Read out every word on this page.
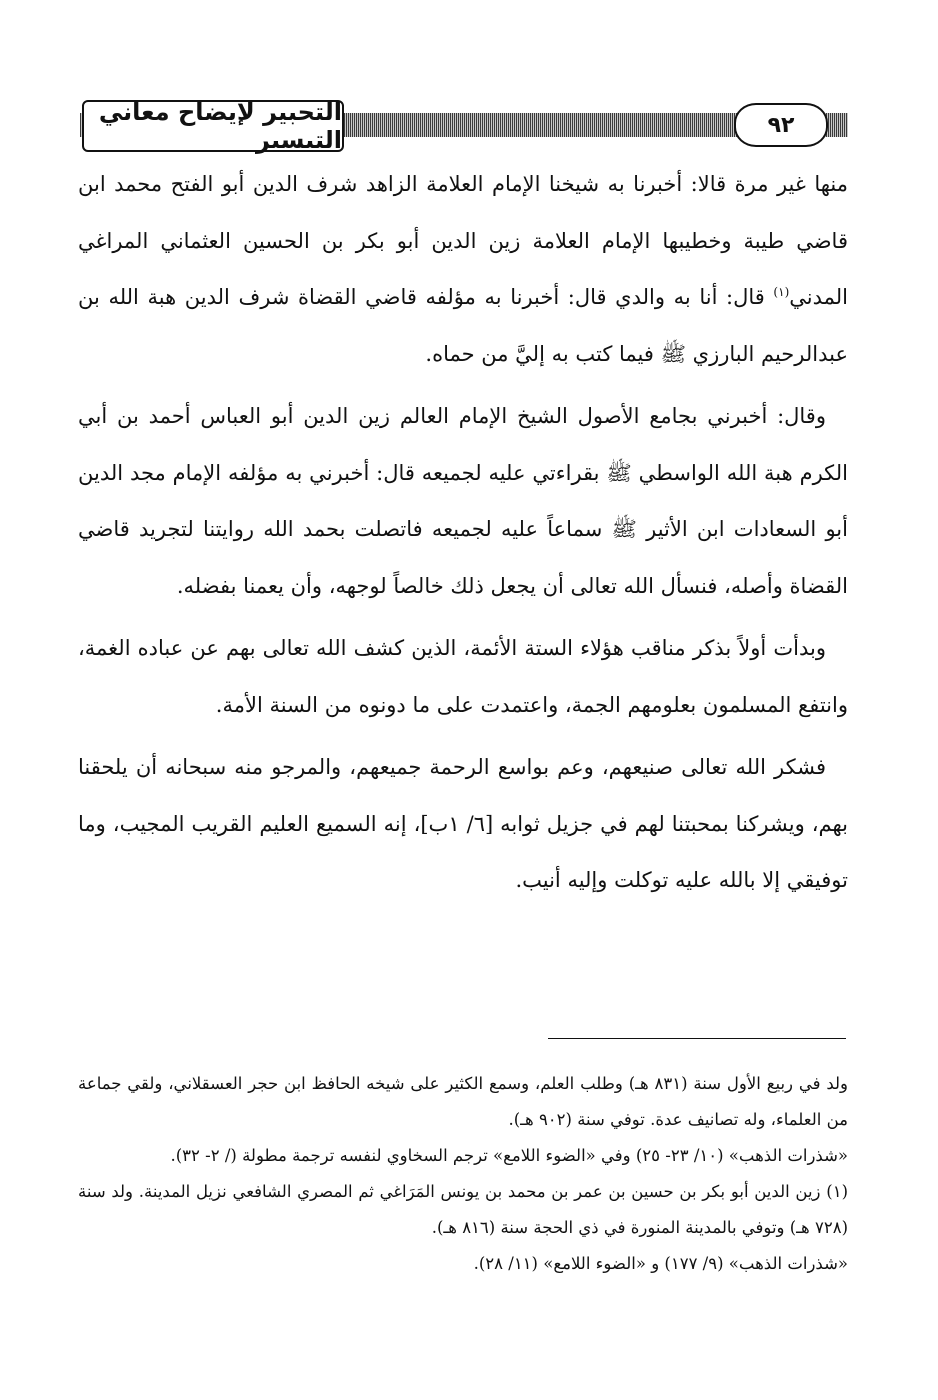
التحبير لإيضاح معاني التيسير
٩٢

منها غير مرة قالا: أخبرنا به شيخنا الإمام العلامة الزاهد شرف الدين أبو الفتح محمد ابن قاضي طيبة وخطيبها الإمام العلامة زين الدين أبو بكر بن الحسين العثماني المراغي المدني$^{(١)}$ قال: أنا به والدي قال: أخبرنا به مؤلفه قاضي القضاة شرف الدين هبة الله بن عبدالرحيم البارزي ﷺ فيما كتب به إليَّ من حماه.

وقال: أخبرني بجامع الأصول الشيخ الإمام العالم زين الدين أبو العباس أحمد بن أبي الكرم هبة الله الواسطي ﷺ بقراءتي عليه لجميعه قال: أخبرني به مؤلفه الإمام مجد الدين أبو السعادات ابن الأثير ﷺ سماعاً عليه لجميعه فاتصلت بحمد الله روايتنا لتجريد قاضي القضاة وأصله، فنسأل الله تعالى أن يجعل ذلك خالصاً لوجهه، وأن يعمنا بفضله.

وبدأت أولاً بذكر مناقب هؤلاء الستة الأئمة، الذين كشف الله تعالى بهم عن عباده الغمة، وانتفع المسلمون بعلومهم الجمة، واعتمدت على ما دونوه من السنة الأمة.

فشكر الله تعالى صنيعهم، وعم بواسع الرحمة جميعهم، والمرجو منه سبحانه أن يلحقنا بهم، ويشركنا بمحبتنا لهم في جزيل ثوابه [٦/ ١ب]، إنه السميع العليم القريب المجيب، وما توفيقي إلا بالله عليه توكلت وإليه أنيب.

ولد في ربيع الأول سنة (٨٣١ هـ) وطلب العلم، وسمع الكثير على شيخه الحافظ ابن حجر العسقلاني، ولقي جماعة من العلماء، وله تصانيف عدة. توفي سنة (٩٠٢ هـ).

«شذرات الذهب» (١٠/ ٢٣- ٢٥) وفي «الضوء اللامع» ترجم السخاوي لنفسه ترجمة مطولة (/ ٢- ٣٢).

(١) زين الدين أبو بكر بن حسين بن عمر بن محمد بن يونس المَرَاغي ثم المصري الشافعي نزيل المدينة. ولد سنة (٧٢٨ هـ) وتوفي بالمدينة المنورة في ذي الحجة سنة (٨١٦ هـ).

«شذرات الذهب» (٩/ ١٧٧) و «الضوء اللامع» (١١/ ٢٨).
